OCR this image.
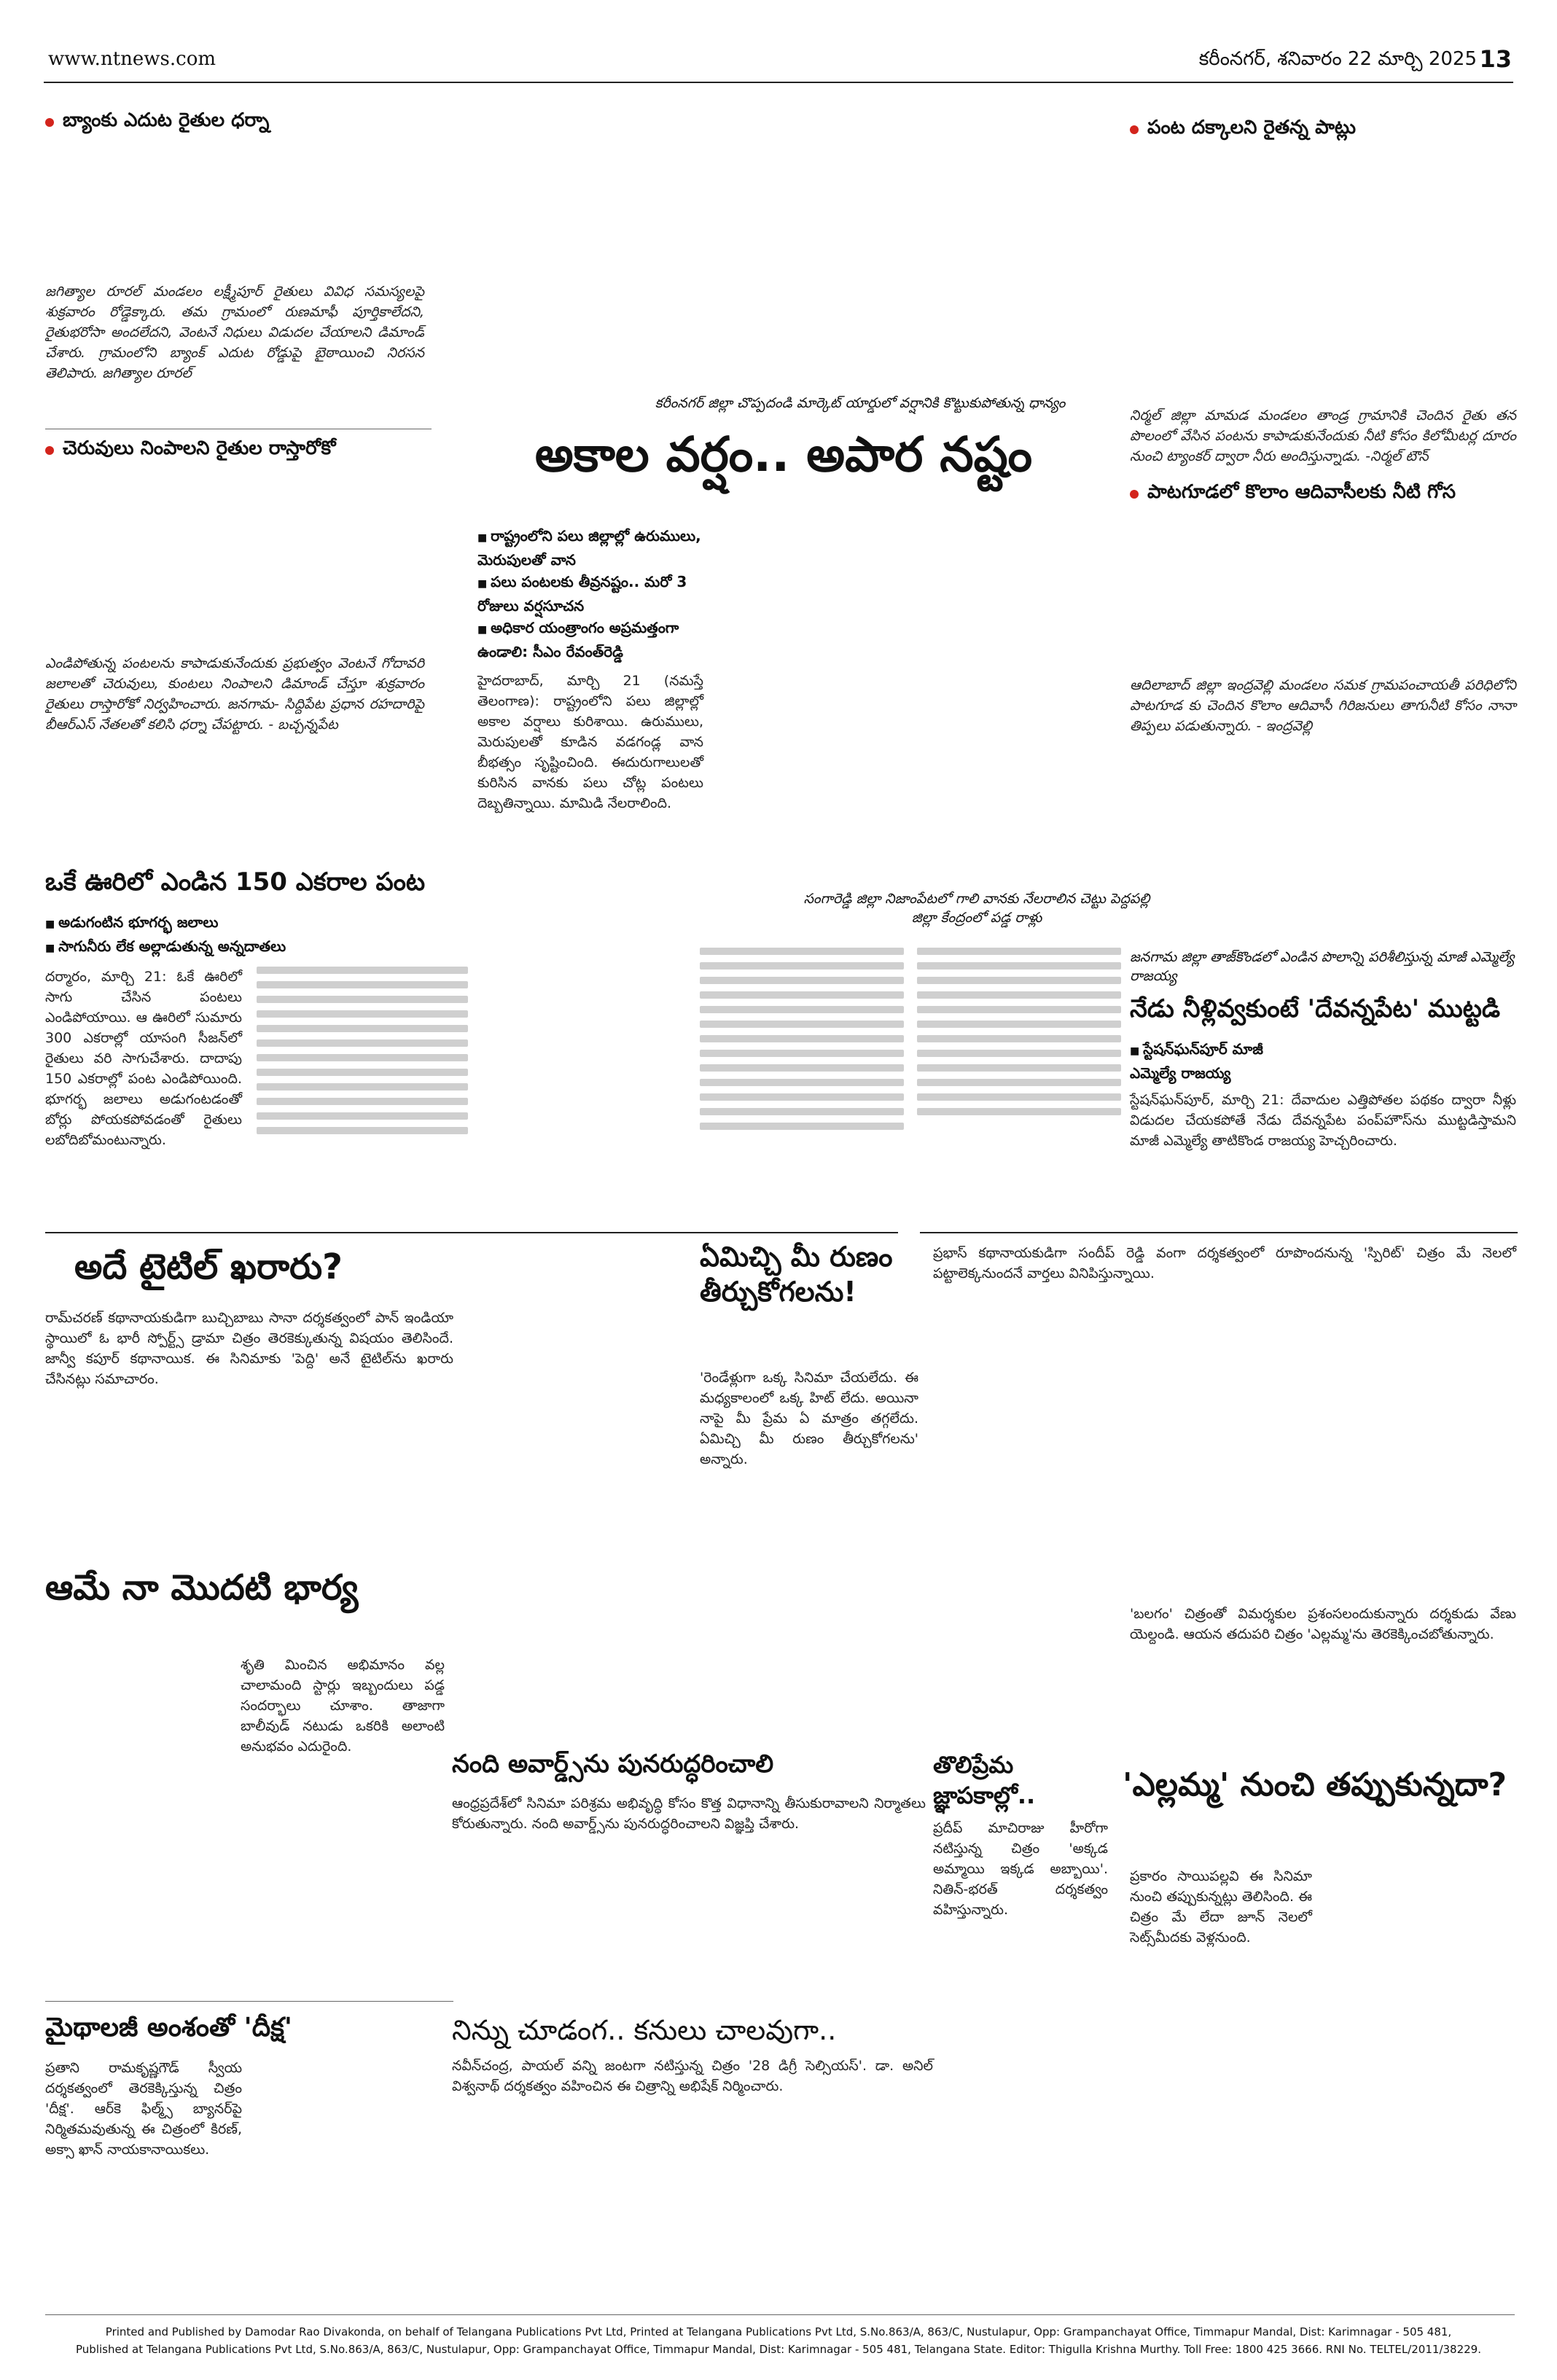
www.ntnews.com	కరీంనగర్, శనివారం 22 మార్చి 2025 13
బ్యాంకు ఎదుట రైతుల ధర్నా
జగిత్యాల రూరల్ మండలం లక్ష్మీపూర్ రైతులు వివిధ సమస్యలపై శుక్రవారం రోడ్డెక్కారు. తమ గ్రామంలో రుణమాఫీ పూర్తికాలేదని, రైతుభరోసా అందలేదని, వెంటనే నిధులు విడుదల చేయాలని డిమాండ్ చేశారు. గ్రామంలోని బ్యాంక్ ఎదుట రోడ్డుపై బైఠాయించి నిరసన తెలిపారు. జగిత్యాల రూరల్
చెరువులు నింపాలని రైతుల రాస్తారోకో
ఎండిపోతున్న పంటలను కాపాడుకునేందుకు ప్రభుత్వం వెంటనే గోదావరి జలాలతో చెరువులు, కుంటలు నింపాలని డిమాండ్ చేస్తూ శుక్రవారం రైతులు రాస్తారోకో నిర్వహించారు. జనగామ- సిద్దిపేట ప్రధాన రహదారిపై బీఆర్ఎస్ నేతలతో కలిసి ధర్నా చేపట్టారు. - బచ్చన్నపేట
ఒకే ఊరిలో ఎండిన 150 ఎకరాల పంట
■ అడుగంటిన భూగర్భ జలాలు
■ సాగునీరు లేక అల్లాడుతున్న అన్నదాతలు
దర్మారం, మార్చి 21: ఓకే ఊరిలో సాగు చేసిన పంటలు ఎండిపోయాయి. ఆ ఊరిలో సుమారు 300 ఎకరాల్లో యాసంగి సీజన్‌లో రైతులు వరి సాగుచేశారు. దాదాపు 150 ఎకరాల్లో పంట ఎండిపోయింది. భూగర్భ జలాలు అడుగంటడంతో బోర్లు పోయకపోవడంతో రైతులు లబోదిబోమంటున్నారు.
కరీంనగర్ జిల్లా చొప్పదండి మార్కెట్ యార్డులో వర్షానికి కొట్టుకుపోతున్న ధాన్యం
అకాల వర్షం.. అపార నష్టం
■ రాష్ట్రంలోని పలు జిల్లాల్లో ఉరుములు, మెరుపులతో వాన
■ పలు పంటలకు తీవ్రనష్టం.. మరో 3 రోజులు వర్షసూచన
■ అధికార యంత్రాంగం అప్రమత్తంగా ఉండాలి: సీఎం రేవంత్‌రెడ్డి
హైదరాబాద్, మార్చి 21 (నమస్తే తెలంగాణ): రాష్ట్రంలోని పలు జిల్లాల్లో అకాల వర్షాలు కురిశాయి. ఉరుములు, మెరుపులతో కూడిన వడగండ్ల వాన బీభత్సం సృష్టించింది. ఈదురుగాలులతో కురిసిన వానకు పలు చోట్ల పంటలు దెబ్బతిన్నాయి. మామిడి నేలరాలింది.
సంగారెడ్డి జిల్లా నిజాంపేటలో గాలి వానకు నేలరాలిన చెట్టు పెద్దపల్లి జిల్లా కేంద్రంలో పడ్డ రాళ్లు
పంట దక్కాలని రైతన్న పాట్లు
నిర్మల్ జిల్లా మామడ మండలం తాండ్ర గ్రామానికి చెందిన రైతు తన పొలంలో వేసిన పంటను కాపాడుకునేందుకు నీటి కోసం కిలోమీటర్ల దూరం నుంచి ట్యాంకర్ ద్వారా నీరు అందిస్తున్నాడు. -నిర్మల్ టౌన్
పాటగూడలో కొలాం ఆదివాసీలకు నీటి గోస
ఆదిలాబాద్ జిల్లా ఇంద్రవెల్లి మండలం సమక గ్రామపంచాయతీ పరిధిలోని పాటగూడ కు చెందిన కొలాం ఆదివాసీ గిరిజనులు తాగునీటి కోసం నానా తిప్పలు పడుతున్నారు. - ఇంద్రవెల్లి
జనగామ జిల్లా తాజ్‌కొండలో ఎండిన పొలాన్ని పరిశీలిస్తున్న మాజీ ఎమ్మెల్యే రాజయ్య
నేడు నీళ్లివ్వకుంటే 'దేవన్నపేట' ముట్టడి
■ స్టేషన్‌ఘన్‌పూర్ మాజీ ఎమ్మెల్యే రాజయ్య
స్టేషన్‌ఘన్‌పూర్, మార్చి 21: దేవాదుల ఎత్తిపోతల పథకం ద్వారా నీళ్లు విడుదల చేయకపోతే నేడు దేవన్నపేట పంప్‌హౌస్‌ను ముట్టడిస్తామని మాజీ ఎమ్మెల్యే తాటికొండ రాజయ్య హెచ్చరించారు.
అదే టైటిల్ ఖరారు?
రామ్‌చరణ్ కథానాయకుడిగా బుచ్చిబాబు సానా దర్శకత్వంలో పాన్ ఇండియా స్థాయిలో ఓ భారీ స్పోర్ట్స్ డ్రామా చిత్రం తెరకెక్కుతున్న విషయం తెలిసిందే. జాన్వీ కపూర్ కథానాయిక. ఈ సినిమాకు 'పెద్ది' అనే టైటిల్‌ను ఖరారు చేసినట్లు సమాచారం.
ఆమే నా మొదటి భార్య
శృతి మించిన అభిమానం వల్ల చాలామంది స్టార్లు ఇబ్బందులు పడ్డ సందర్భాలు చూశాం. తాజాగా బాలీవుడ్ నటుడు ఒకరికి అలాంటి అనుభవం ఎదురైంది.
మైథాలజీ అంశంతో 'దీక్ష'
ప్రతాని రామకృష్ణగౌడ్ స్వీయ దర్శకత్వంలో తెరకెక్కిస్తున్న చిత్రం 'దీక్ష'. ఆర్‌కె ఫిల్మ్స్ బ్యానర్‌పై నిర్మితమవుతున్న ఈ చిత్రంలో కిరణ్, అక్సా ఖాన్ నాయకానాయికలు.
ఏమిచ్చి మీ రుణం తీర్చుకోగలను!
'రెండేళ్లుగా ఒక్క సినిమా చేయలేదు. ఈ మధ్యకాలంలో ఒక్క హిట్ లేదు. అయినా నాపై మీ ప్రేమ ఏ మాత్రం తగ్గలేదు. ఏమిచ్చి మీ రుణం తీర్చుకోగలను' అన్నారు.
ప్రభాస్ కథానాయకుడిగా సందీప్ రెడ్డి వంగా దర్శకత్వంలో రూపొందనున్న 'స్పిరిట్' చిత్రం మే నెలలో పట్టాలెక్కనుందనే వార్తలు వినిపిస్తున్నాయి.
నంది అవార్డ్స్‌ను పునరుద్ధరించాలి
ఆంధ్రప్రదేశ్‌లో సినిమా పరిశ్రమ అభివృద్ధి కోసం కొత్త విధానాన్ని తీసుకురావాలని నిర్మాతలు కోరుతున్నారు. నంది అవార్డ్స్‌ను పునరుద్ధరించాలని విజ్ఞప్తి చేశారు.
నిన్ను చూడంగ.. కనులు చాలవుగా..
నవీన్‌చంద్ర, పాయల్ వన్ని జంటగా నటిస్తున్న చిత్రం '28 డిగ్రీ సెల్సియస్'. డా. అనిల్ విశ్వనాథ్ దర్శకత్వం వహించిన ఈ చిత్రాన్ని అభిషేక్ నిర్మించారు.
తొలిప్రేమ జ్ఞాపకాల్లో..
ప్రదీప్ మాచిరాజు హీరోగా నటిస్తున్న చిత్రం 'అక్కడ అమ్మాయి ఇక్కడ అబ్బాయి'. నితిన్-భరత్ దర్శకత్వం వహిస్తున్నారు.
'బలగం' చిత్రంతో విమర్శకుల ప్రశంసలందుకున్నారు దర్శకుడు వేణు యెల్దండి. ఆయన తదుపరి చిత్రం 'ఎల్లమ్మ'ను తెరకెక్కించబోతున్నారు.
'ఎల్లమ్మ' నుంచి తప్పుకున్నదా?
ప్రకారం సాయిపల్లవి ఈ సినిమా నుంచి తప్పుకున్నట్లు తెలిసింది. ఈ చిత్రం మే లేదా జూన్ నెలలో సెట్స్‌మీదకు వెళ్లనుంది.
Printed and Published by Damodar Rao Divakonda, on behalf of Telangana Publications Pvt Ltd, Printed at Telangana Publications Pvt Ltd, S.No.863/A, 863/C, Nustulapur, Opp: Grampanchayat Office, Timmapur Mandal, Dist: Karimnagar - 505 481,
Published at Telangana Publications Pvt Ltd, S.No.863/A, 863/C, Nustulapur, Opp: Grampanchayat Office, Timmapur Mandal, Dist: Karimnagar - 505 481, Telangana State. Editor: Thigulla Krishna Murthy. Toll Free: 1800 425 3666. RNI No. TELTEL/2011/38229.
